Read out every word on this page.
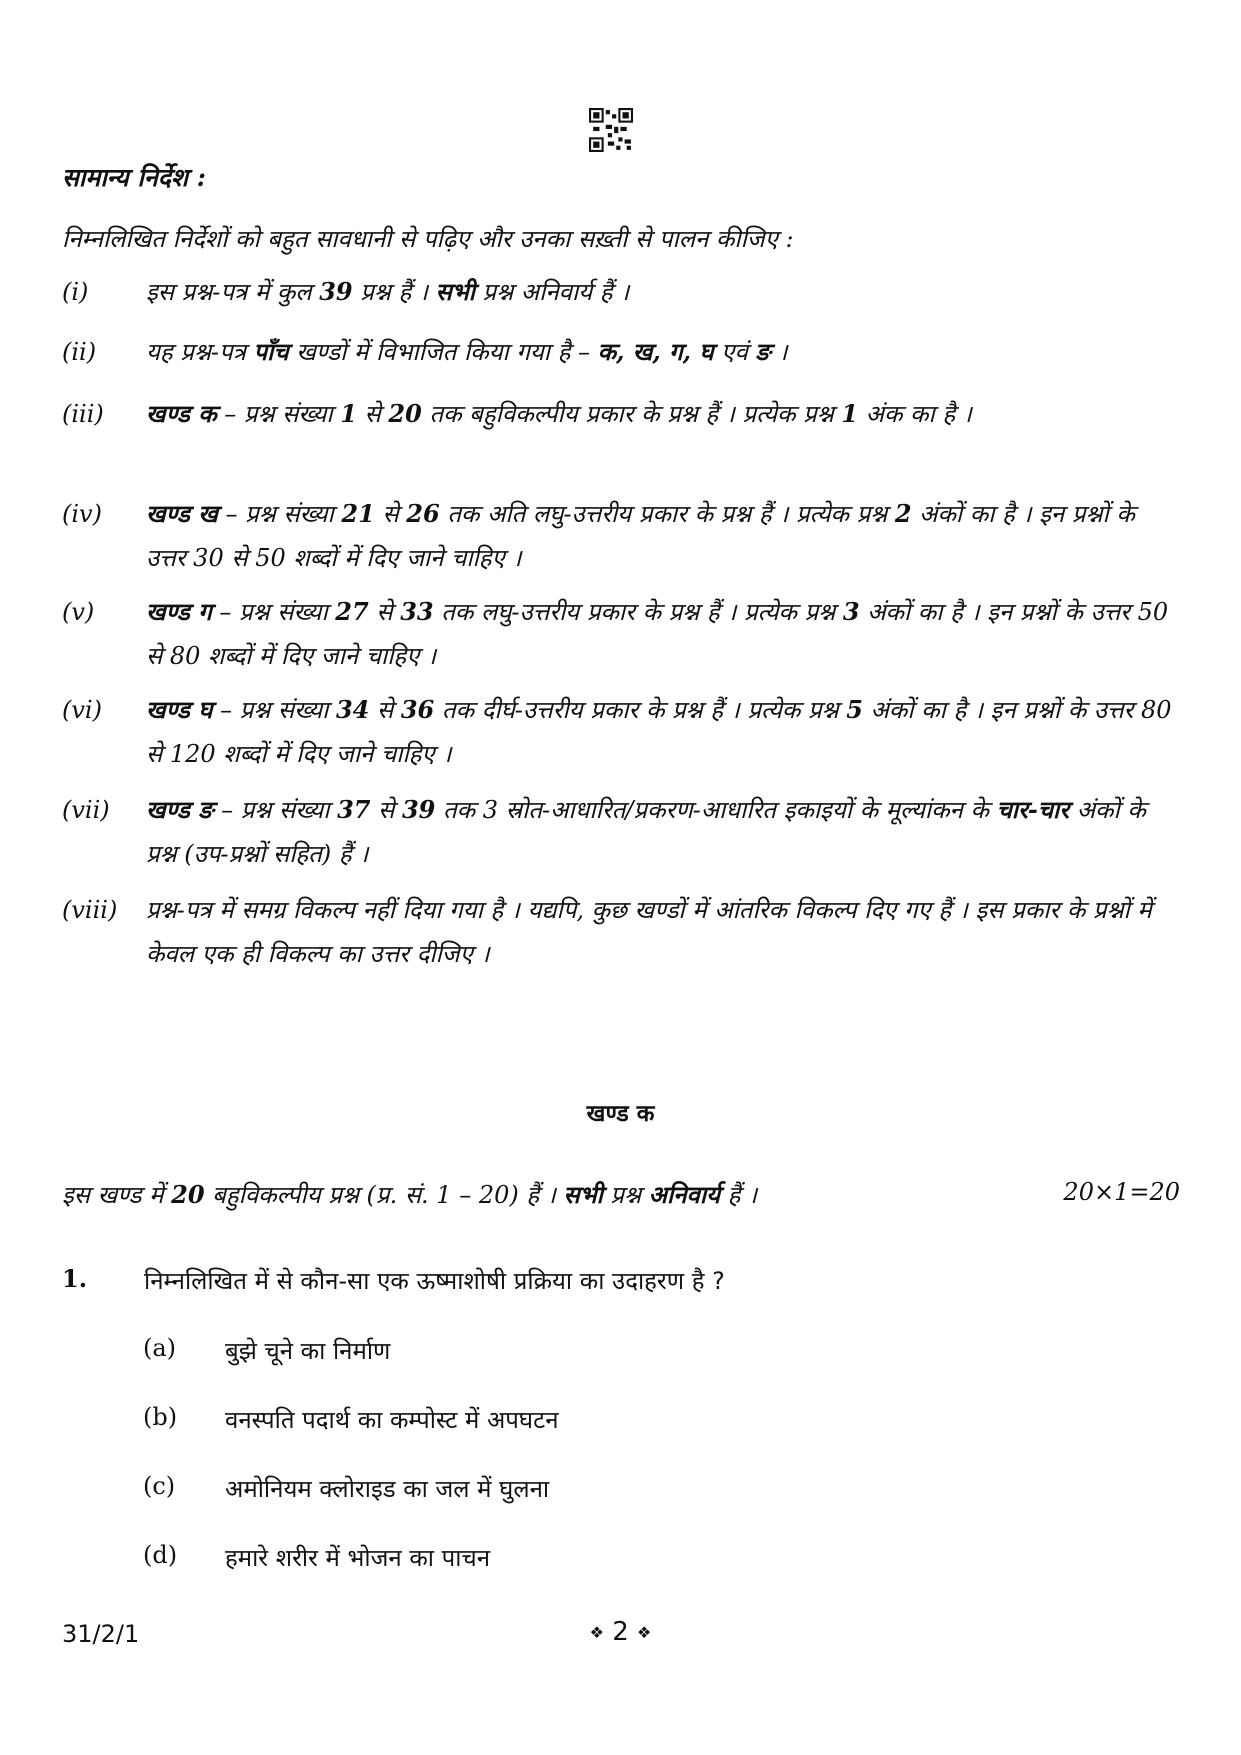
सामान्य निर्देश :
निम्नलिखित निर्देशों को बहुत सावधानी से पढ़िए और उनका सख़्ती से पालन कीजिए :
(i)	इस प्रश्न-पत्र में कुल 39 प्रश्न हैं । सभी प्रश्न अनिवार्य हैं ।
(ii)	यह प्रश्न-पत्र पाँच खण्डों में विभाजित किया गया है – क, ख, ग, घ एवं ङ ।
(iii)	खण्ड क – प्रश्न संख्या 1 से 20 तक बहुविकल्पीय प्रकार के प्रश्न हैं । प्रत्येक प्रश्न 1 अंक का है ।
(iv)	खण्ड ख – प्रश्न संख्या 21 से 26 तक अति लघु-उत्तरीय प्रकार के प्रश्न हैं । प्रत्येक प्रश्न 2 अंकों का है । इन प्रश्नों के उत्तर 30 से 50 शब्दों में दिए जाने चाहिए ।
(v)	खण्ड ग – प्रश्न संख्या 27 से 33 तक लघु-उत्तरीय प्रकार के प्रश्न हैं । प्रत्येक प्रश्न 3 अंकों का है । इन प्रश्नों के उत्तर 50 से 80 शब्दों में दिए जाने चाहिए ।
(vi)	खण्ड घ – प्रश्न संख्या 34 से 36 तक दीर्घ-उत्तरीय प्रकार के प्रश्न हैं । प्रत्येक प्रश्न 5 अंकों का है । इन प्रश्नों के उत्तर 80 से 120 शब्दों में दिए जाने चाहिए ।
(vii)	खण्ड ङ – प्रश्न संख्या 37 से 39 तक 3 स्रोत-आधारित/प्रकरण-आधारित इकाइयों के मूल्यांकन के चार-चार अंकों के प्रश्न (उप-प्रश्नों सहित) हैं ।
(viii)	प्रश्न-पत्र में समग्र विकल्प नहीं दिया गया है । यद्यपि, कुछ खण्डों में आंतरिक विकल्प दिए गए हैं । इस प्रकार के प्रश्नों में केवल एक ही विकल्प का उत्तर दीजिए ।
खण्ड क
इस खण्ड में 20 बहुविकल्पीय प्रश्न (प्र. सं. 1 – 20) हैं । सभी प्रश्न अनिवार्य हैं ।	20×1=20
1. निम्नलिखित में से कौन-सा एक ऊष्माशोषी प्रक्रिया का उदाहरण है ?
(a) बुझे चूने का निर्माण
(b) वनस्पति पदार्थ का कम्पोस्ट में अपघटन
(c) अमोनियम क्लोराइड का जल में घुलना
(d) हमारे शरीर में भोजन का पाचन
31/2/1	❖ 2 ❖
